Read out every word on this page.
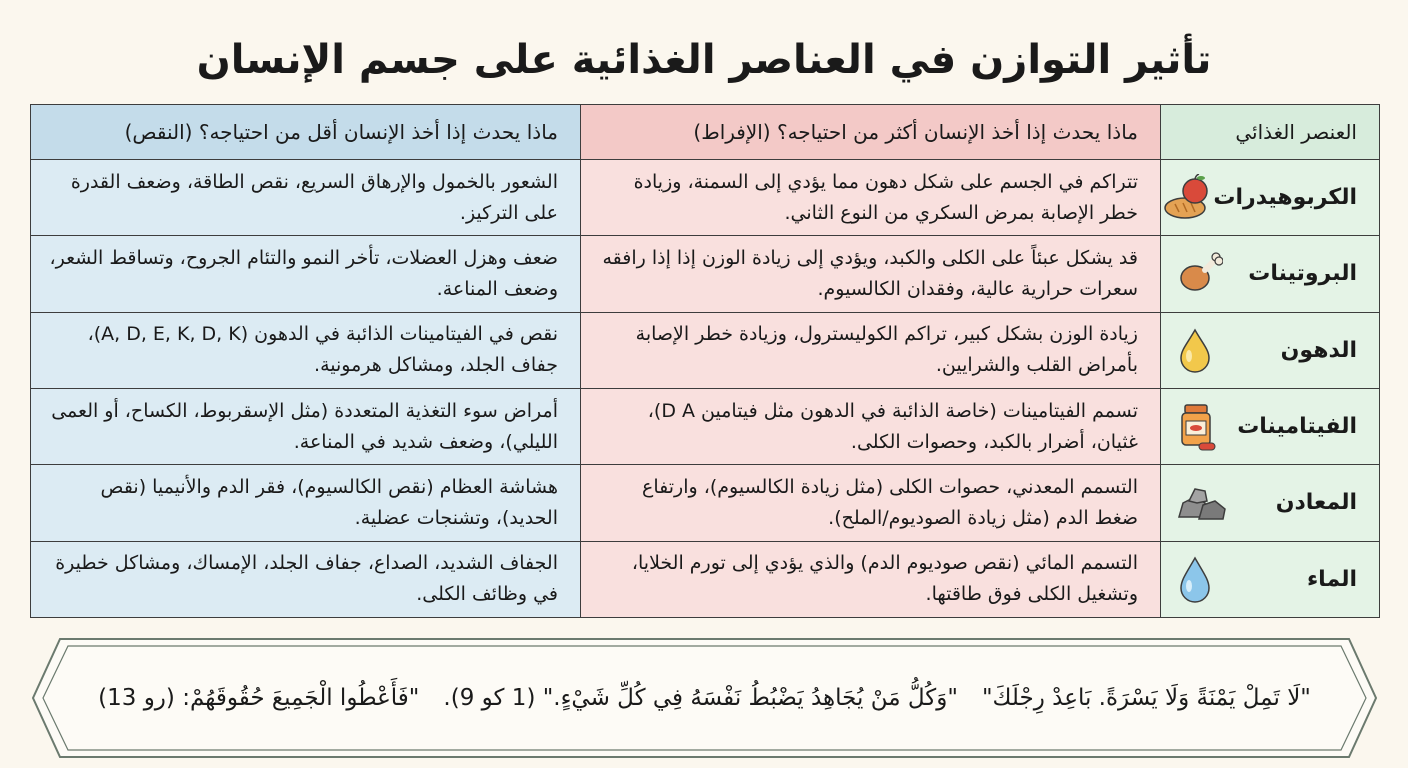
تأثير التوازن في العناصر الغذائية على جسم الإنسان
العنصر الغذائي	ماذا يحدث إذا أخذ الإنسان أكثر من احتياجه؟ (الإفراط)	ماذا يحدث إذا أخذ الإنسان أقل من احتياجه؟ (النقص)

الكربوهيدرات	تتراكم في الجسم على شكل دهون مما يؤدي إلى السمنة، وزيادة خطر الإصابة بمرض السكري من النوع الثاني.	الشعور بالخمول والإرهاق السريع، نقص الطاقة، وضعف القدرة على التركيز.

البروتينات	قد يشكل عبئاً على الكلى والكبد، ويؤدي إلى زيادة الوزن إذا إذا رافقه سعرات حرارية عالية، وفقدان الكالسيوم.	ضعف وهزل العضلات، تأخر النمو والتئام الجروح، وتساقط الشعر، وضعف المناعة.

الدهون	زيادة الوزن بشكل كبير، تراكم الكوليسترول، وزيادة خطر الإصابة بأمراض القلب والشرايين.	نقص في الفيتامينات الذائبة في الدهون (A, D, E, K, D, K)، جفاف الجلد، ومشاكل هرمونية.

الفيتامينات	تسمم الفيتامينات (خاصة الذائبة في الدهون مثل فيتامين D A)، غثيان، أضرار بالكبد، وحصوات الكلى.	أمراض سوء التغذية المتعددة (مثل الإسقربوط، الكساح، أو العمى الليلي)، وضعف شديد في المناعة.

المعادن	التسمم المعدني، حصوات الكلى (مثل زيادة الكالسيوم)، وارتفاع ضغط الدم (مثل زيادة الصوديوم/الملح).	هشاشة العظام (نقص الكالسيوم)، فقر الدم والأنيميا (نقص الحديد)، وتشنجات عضلية.

الماء	التسمم المائي (نقص صوديوم الدم) والذي يؤدي إلى تورم الخلايا، وتشغيل الكلى فوق طاقتها.	الجفاف الشديد، الصداع، جفاف الجلد، الإمساك، ومشاكل خطيرة في وظائف الكلى.
"لَا تَمِلْ يَمْنَةً وَلَا يَسْرَةً. بَاعِدْ رِجْلَكَ"
"وَكُلُّ مَنْ يُجَاهِدُ يَضْبُطُ نَفْسَهُ فِي كُلِّ شَيْءٍ." (1 كو 9).
"فَأَعْطُوا الْجَمِيعَ حُقُوقَهُمْ: (رو 13)
